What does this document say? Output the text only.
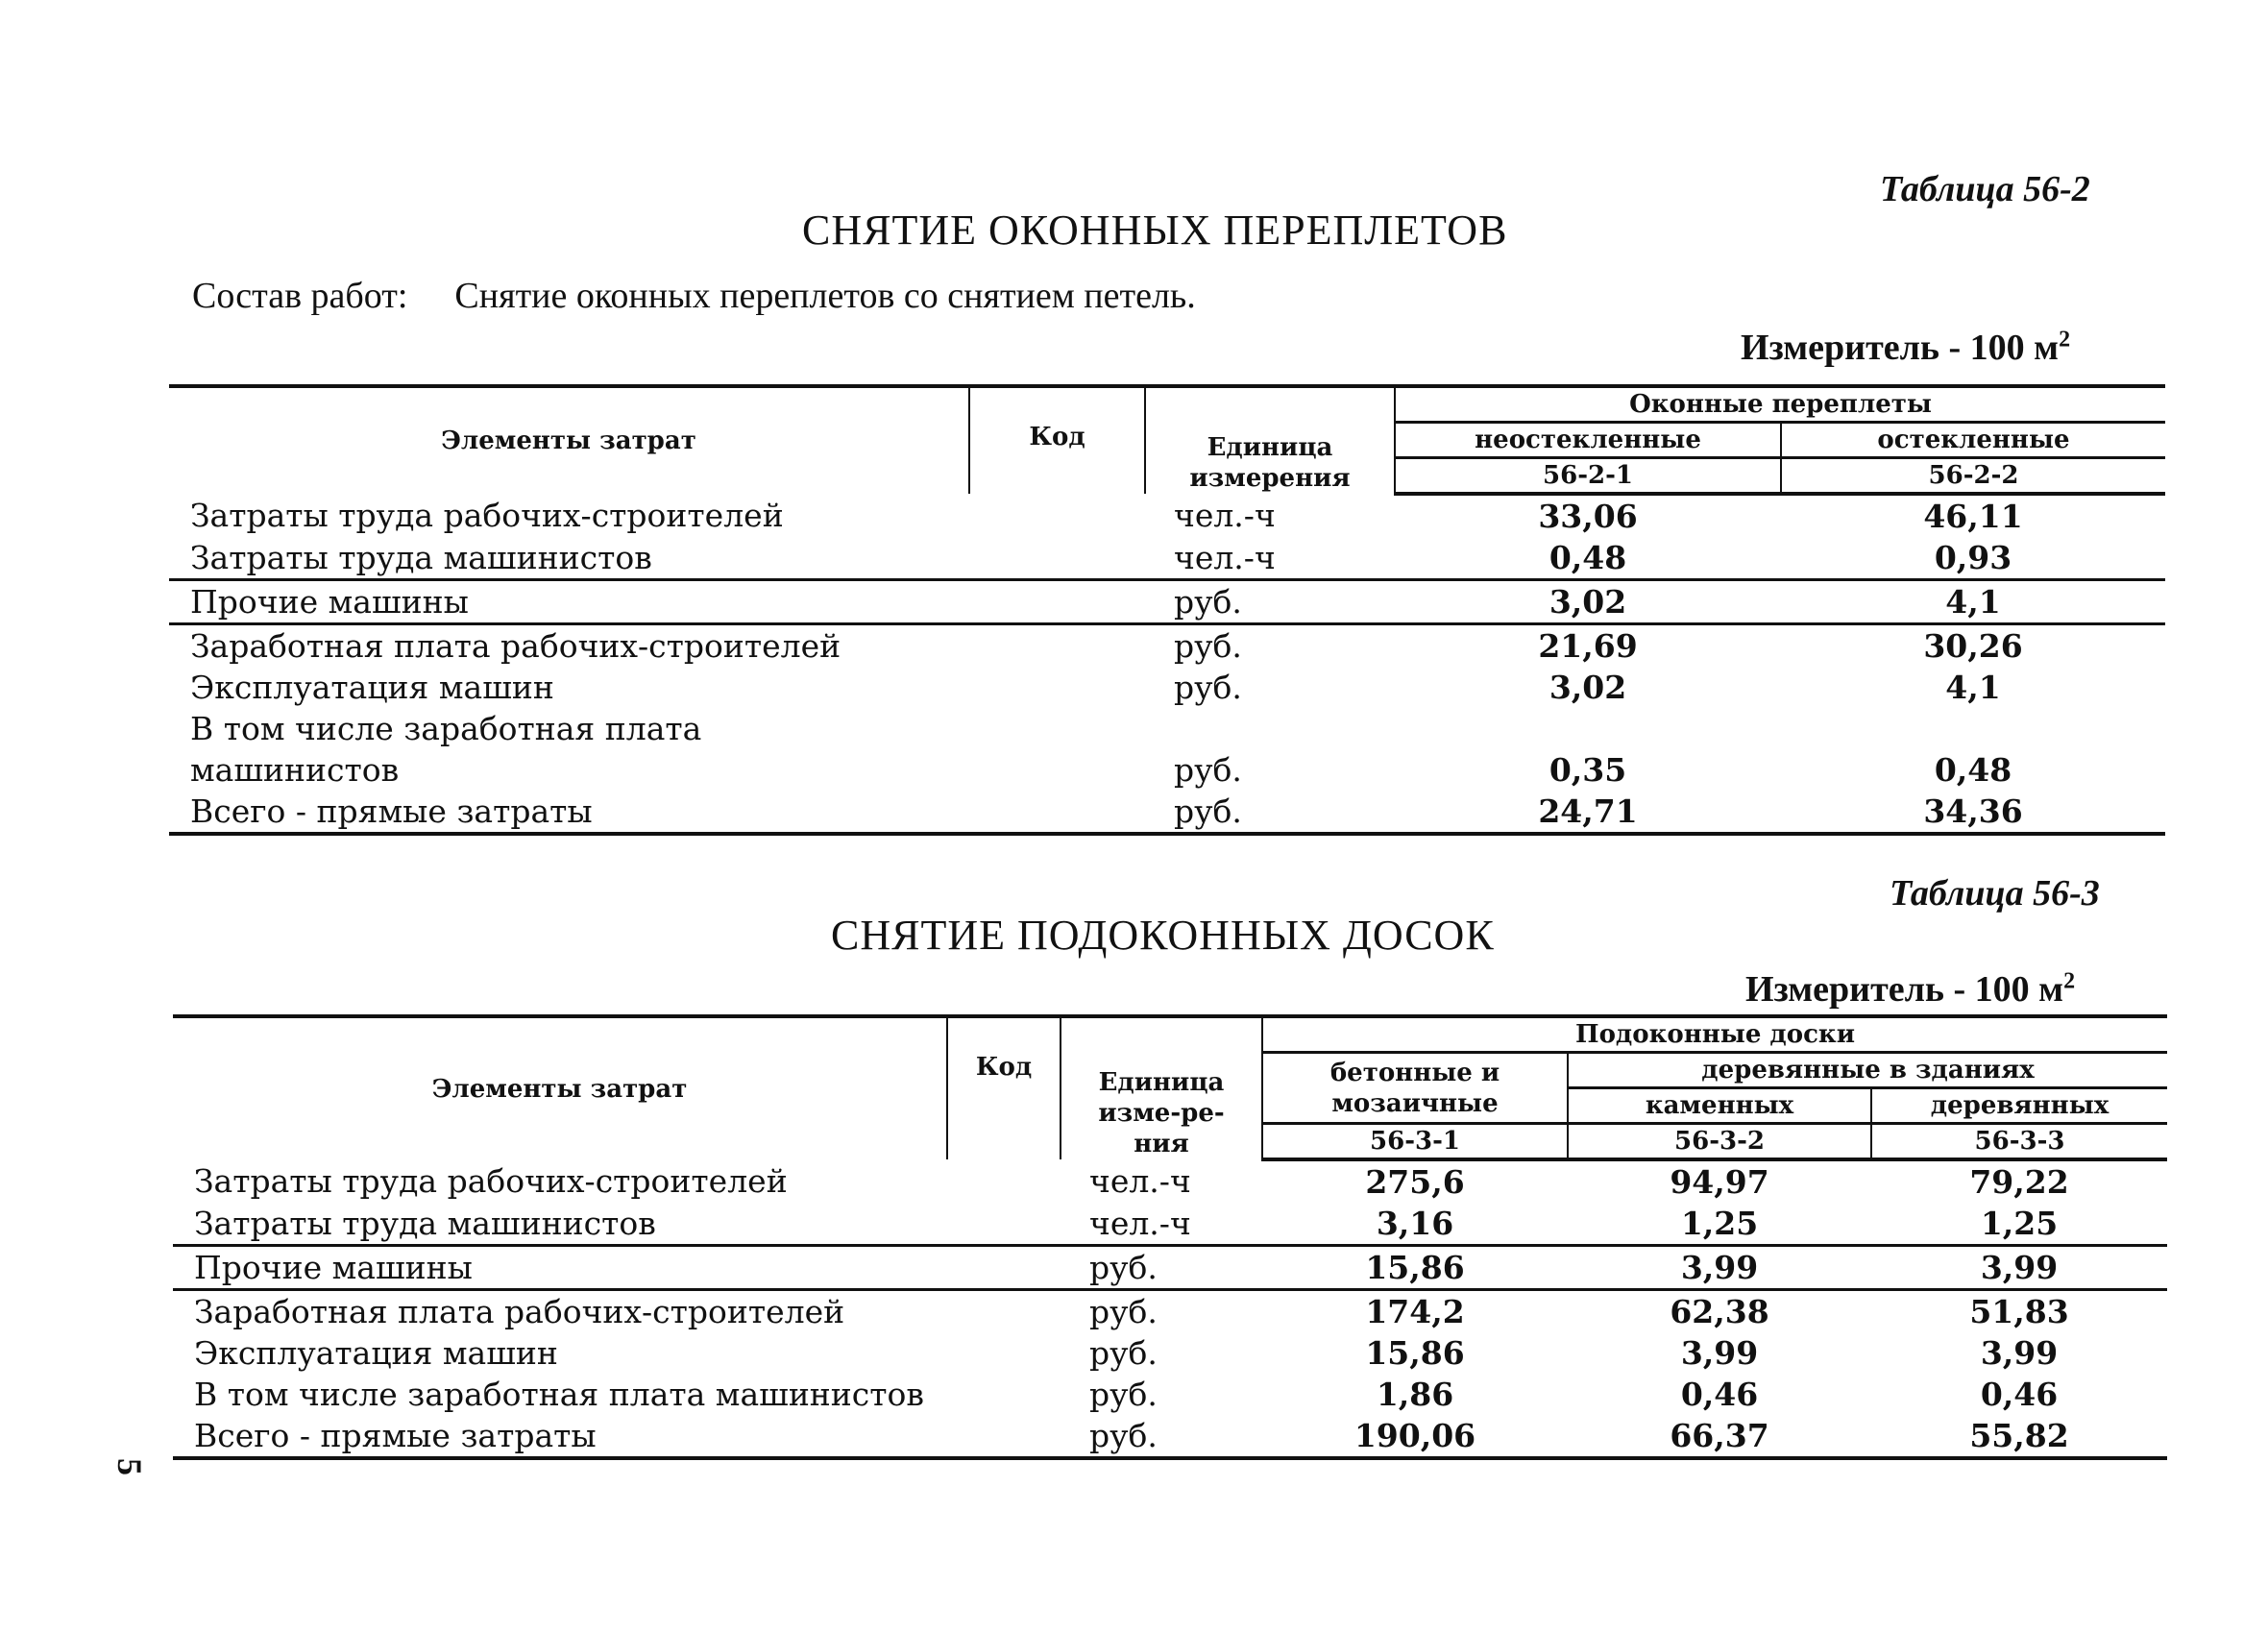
Таблица 56-2
СНЯТИЕ ОКОННЫХ ПЕРЕПЛЕТОВ
Состав работ: Снятие оконных переплетов со снятием петель.
Измеритель - 100 $м^2$
Элементы затрат	Код	Единица измерения	Оконные переплеты	
			неостекленные	остекленные
			56-2-1	56-2-2
Затраты труда рабочих-строителей		чел.-ч	33,06	46,11
Затраты труда машинистов		чел.-ч	0,48	0,93
Прочие машины		руб.	3,02	4,1
Заработная плата рабочих-строителей		руб.	21,69	30,26
Эксплуатация машин		руб.	3,02	4,1
В том числе заработная плата машинистов		руб.	0,35	0,48
Всего - прямые затраты		руб.	24,71	34,36
Таблица 56-3
СНЯТИЕ ПОДОКОННЫХ ДОСОК
Измеритель - 100 $м^2$
Элементы затрат	Код	Единица изме-ре-ния	Подоконные доски		
			бетонные и мозаичные	деревянные в зданиях	
				каменных	деревянных
			56-3-1	56-3-2	56-3-3
Затраты труда рабочих-строителей		чел.-ч	275,6	94,97	79,22
Затраты труда машинистов		чел.-ч	3,16	1,25	1,25
Прочие машины		руб.	15,86	3,99	3,99
Заработная плата рабочих-строителей		руб.	174,2	62,38	51,83
Эксплуатация машин		руб.	15,86	3,99	3,99
В том числе заработная плата машинистов		руб.	1,86	0,46	0,46
Всего - прямые затраты		руб.	190,06	66,37	55,82
5
